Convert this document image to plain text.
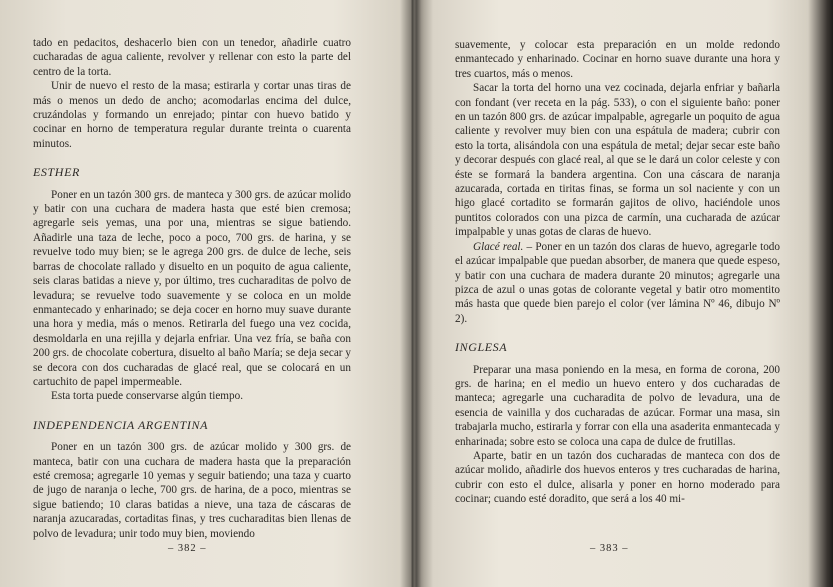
tado en pedacitos, deshacerlo bien con un tenedor, añadirle cuatro cucharadas de agua caliente, revolver y rellenar con esto la parte del centro de la torta.

Unir de nuevo el resto de la masa; estirarla y cortar unas tiras de más o menos un dedo de ancho; acomodarlas encima del dulce, cruzándolas y formando un enrejado; pintar con huevo batido y cocinar en horno de temperatura regular durante treinta o cuarenta minutos.

ESTHER

Poner en un tazón 300 grs. de manteca y 300 grs. de azúcar molido y batir con una cuchara de madera hasta que esté bien cremosa; agregarle seis yemas, una por una, mientras se sigue batiendo. Añadirle una taza de leche, poco a poco, 700 grs. de harina, y se revuelve todo muy bien; se le agrega 200 grs. de dulce de leche, seis barras de chocolate rallado y disuelto en un poquito de agua caliente, seis claras batidas a nieve y, por último, tres cucharaditas de polvo de levadura; se revuelve todo suavemente y se coloca en un molde enmantecado y enharinado; se deja cocer en horno muy suave durante una hora y media, más o menos. Retirarla del fuego una vez cocida, desmoldarla en una rejilla y dejarla enfriar. Una vez fría, se baña con 200 grs. de chocolate cobertura, disuelto al baño María; se deja secar y se decora con dos cucharadas de glacé real, que se colocará en un cartuchito de papel impermeable.

Esta torta puede conservarse algún tiempo.

INDEPENDENCIA ARGENTINA

Poner en un tazón 300 grs. de azúcar molido y 300 grs. de manteca, batir con una cuchara de madera hasta que la preparación esté cremosa; agregarle 10 yemas y seguir batiendo; una taza y cuarto de jugo de naranja o leche, 700 grs. de harina, de a poco, mientras se sigue batiendo; 10 claras batidas a nieve, una taza de cáscaras de naranja azucaradas, cortaditas finas, y tres cucharaditas bien llenas de polvo de levadura; unir todo muy bien, moviendo

– 382 –

suavemente, y colocar esta preparación en un molde redondo enmantecado y enharinado. Cocinar en horno suave durante una hora y tres cuartos, más o menos.

Sacar la torta del horno una vez cocinada, dejarla enfriar y bañarla con fondant (ver receta en la pág. 533), o con el siguiente baño: poner en un tazón 800 grs. de azúcar impalpable, agregarle un poquito de agua caliente y revolver muy bien con una espátula de madera; cubrir con esto la torta, alisándola con una espátula de metal; dejar secar este baño y decorar después con glacé real, al que se le dará un color celeste y con éste se formará la bandera argentina. Con una cáscara de naranja azucarada, cortada en tiritas finas, se forma un sol naciente y con un higo glacé cortadito se formarán gajitos de olivo, haciéndole unos puntitos colorados con una pizca de carmín, una cucharada de azúcar impalpable y unas gotas de claras de huevo.

Glacé real. – Poner en un tazón dos claras de huevo, agregarle todo el azúcar impalpable que puedan absorber, de manera que quede espeso, y batir con una cuchara de madera durante 20 minutos; agregarle una pizca de azul o unas gotas de colorante vegetal y batir otro momentito más hasta que quede bien parejo el color (ver lámina Nº 46, dibujo Nº 2).

INGLESA

Preparar una masa poniendo en la mesa, en forma de corona, 200 grs. de harina; en el medio un huevo entero y dos cucharadas de manteca; agregarle una cucharadita de polvo de levadura, una de esencia de vainilla y dos cucharadas de azúcar. Formar una masa, sin trabajarla mucho, estirarla y forrar con ella una asaderita enmantecada y enharinada; sobre esto se coloca una capa de dulce de frutillas.

Aparte, batir en un tazón dos cucharadas de manteca con dos de azúcar molido, añadirle dos huevos enteros y tres cucharadas de harina, cubrir con esto el dulce, alisarla y poner en horno moderado para cocinar; cuando esté doradito, que será a los 40 mi-

– 383 –
